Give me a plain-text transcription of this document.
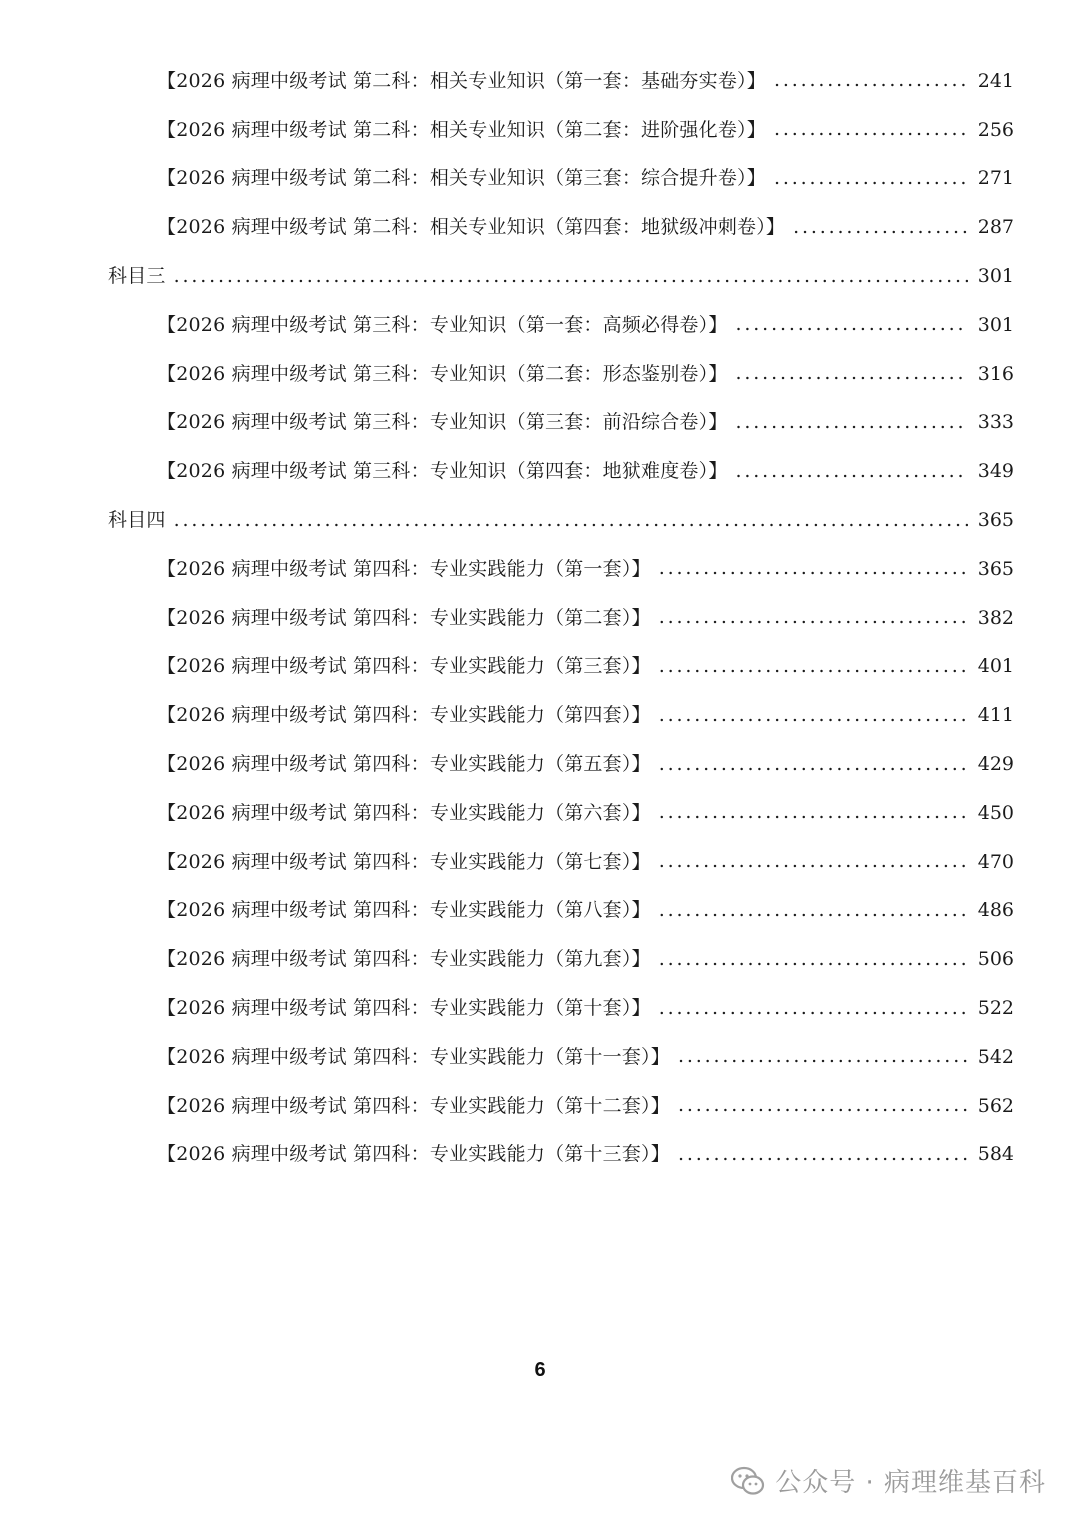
【2026 病理中级考试 第二科：相关专业知识（第一套：基础夯实卷）】 . . .	241
【2026 病理中级考试 第二科：相关专业知识（第二套：进阶强化卷）】 . . .	256
【2026 病理中级考试 第二科：相关专业知识（第三套：综合提升卷）】 . . .	271
【2026 病理中级考试 第二科：相关专业知识（第四套：地狱级冲刺卷）】 . . .	287
科目三 . . .	301
【2026 病理中级考试 第三科：专业知识（第一套：高频必得卷）】 . . .	301
【2026 病理中级考试 第三科：专业知识（第二套：形态鉴别卷）】 . . .	316
【2026 病理中级考试 第三科：专业知识（第三套：前沿综合卷）】 . . .	333
【2026 病理中级考试 第三科：专业知识（第四套：地狱难度卷）】 . . .	349
科目四 . . .	365
【2026 病理中级考试 第四科：专业实践能力（第一套）】 . . .	365
【2026 病理中级考试 第四科：专业实践能力（第二套）】 . . .	382
【2026 病理中级考试 第四科：专业实践能力（第三套）】 . . .	401
【2026 病理中级考试 第四科：专业实践能力（第四套）】 . . .	411
【2026 病理中级考试 第四科：专业实践能力（第五套）】 . . .	429
【2026 病理中级考试 第四科：专业实践能力（第六套）】 . . .	450
【2026 病理中级考试 第四科：专业实践能力（第七套）】 . . .	470
【2026 病理中级考试 第四科：专业实践能力（第八套）】 . . .	486
【2026 病理中级考试 第四科：专业实践能力（第九套）】 . . .	506
【2026 病理中级考试 第四科：专业实践能力（第十套）】 . . .	522
【2026 病理中级考试 第四科：专业实践能力（第十一套）】 . . .	542
【2026 病理中级考试 第四科：专业实践能力（第十二套）】 . . .	562
【2026 病理中级考试 第四科：专业实践能力（第十三套）】 . . .	584
6
公众号 · 病理维基百科
